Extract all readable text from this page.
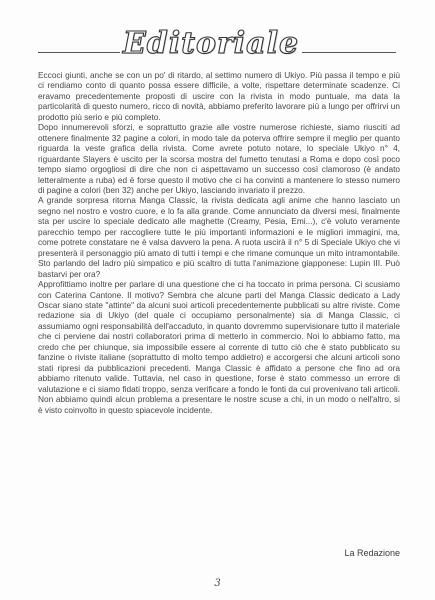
Editoriale

Eccoci giunti, anche se con un po' di ritardo, al settimo numero di Ukiyo. Più passa il tempo e più ci rendiamo conto di quanto possa essere difficile, a volte, rispettare determinate scadenze. Ci eravamo precedentemente proposti di uscire con la rivista in modo puntuale, ma data la particolarità di questo numero, ricco di novità, abbiamo preferito lavorare più a lungo per offrirvi un prodotto più serio e più completo.

Dopo innumerevoli sforzi, e soprattutto grazie alle vostre numerose richieste, siamo riusciti ad ottenere finalmente 32 pagine a colori, in modo tale da poterva offrire sempre il meglio per quanto riguarda la veste grafica della rivista. Come avrete potuto notare, lo speciale Ukiyo n° 4, riguardante Slayers è uscito per la scorsa mostra del fumetto tenutasi a Roma e dopo così poco tempo siamo orgogliosi di dire che non ci aspettavamo un successo così clamoroso (è andato letteralmente a ruba) ed è forse questo il motivo che ci ha convinti a mantenere lo stesso numero di pagine a colori (ben 32) anche per Ukiyo, lasciando invariato il prezzo.

A grande sorpresa ritorna Manga Classic, la rivista dedicata agli anime che hanno lasciato un segno nel nostro e vostro cuore, e lo fa alla grande. Come annunciato da diversi mesi, finalmente sta per uscire lo speciale dedicato alle maghette (Creamy, Pesia, Emi...), c'è voluto veramente parecchio tempo per raccogliere tutte le più importanti informazioni e le migliori immagini, ma, come potrete constatare ne è valsa davvero la pena. A ruota uscirà il n° 5 di Speciale Ukiyo che vi presenterà il personaggio più amato di tutti i tempi e che rimane comunque un mito intramontabile. Sto parlando del ladro più simpatico e più scaltro di tutta l'animazione giapponese: Lupin III. Può bastarvi per ora?

Approfittiamo inoltre per parlare di una questione che ci ha toccato in prima persona. Ci scusiamo con Caterina Cantone. Il motivo? Sembra che alcune parti del Manga Classic dedicato a Lady Oscar siano state "attinte" da alcuni suoi articoli precedentemente pubblicati su altre riviste. Come redazione sia di Ukiyo (del quale ci occupiamo personalmente) sia di Manga Classic, ci assumiamo ogni responsabilità dell'accaduto, in quanto dovremmo supervisionare tutto il materiale che ci perviene dai nostri collaboratori prima di metterlo in commercio. Noi lo abbiamo fatto, ma credo che per chiunque, sia impossibile essere al corrente di tutto ciò che è stato pubblicato su fanzine o riviste italiane (soprattutto di molto tempo addietro) e accorgersi che alcuni articoli sono stati ripresi da pubblicazioni precedenti. Manga Classic è affidato a persone che fino ad ora abbiamo ritenuto valide. Tuttavia, nel caso in questione, forse è stato commesso un errore di valutazione e ci siamo fidati troppo, senza verificare a fondo le fonti da cui provenivano tali articoli. Non abbiamo quindi alcun problema a presentare le nostre scuse a chi, in un modo o nell'altro, si è visto coinvolto in questo spiacevole incidente.

La Redazione
3
